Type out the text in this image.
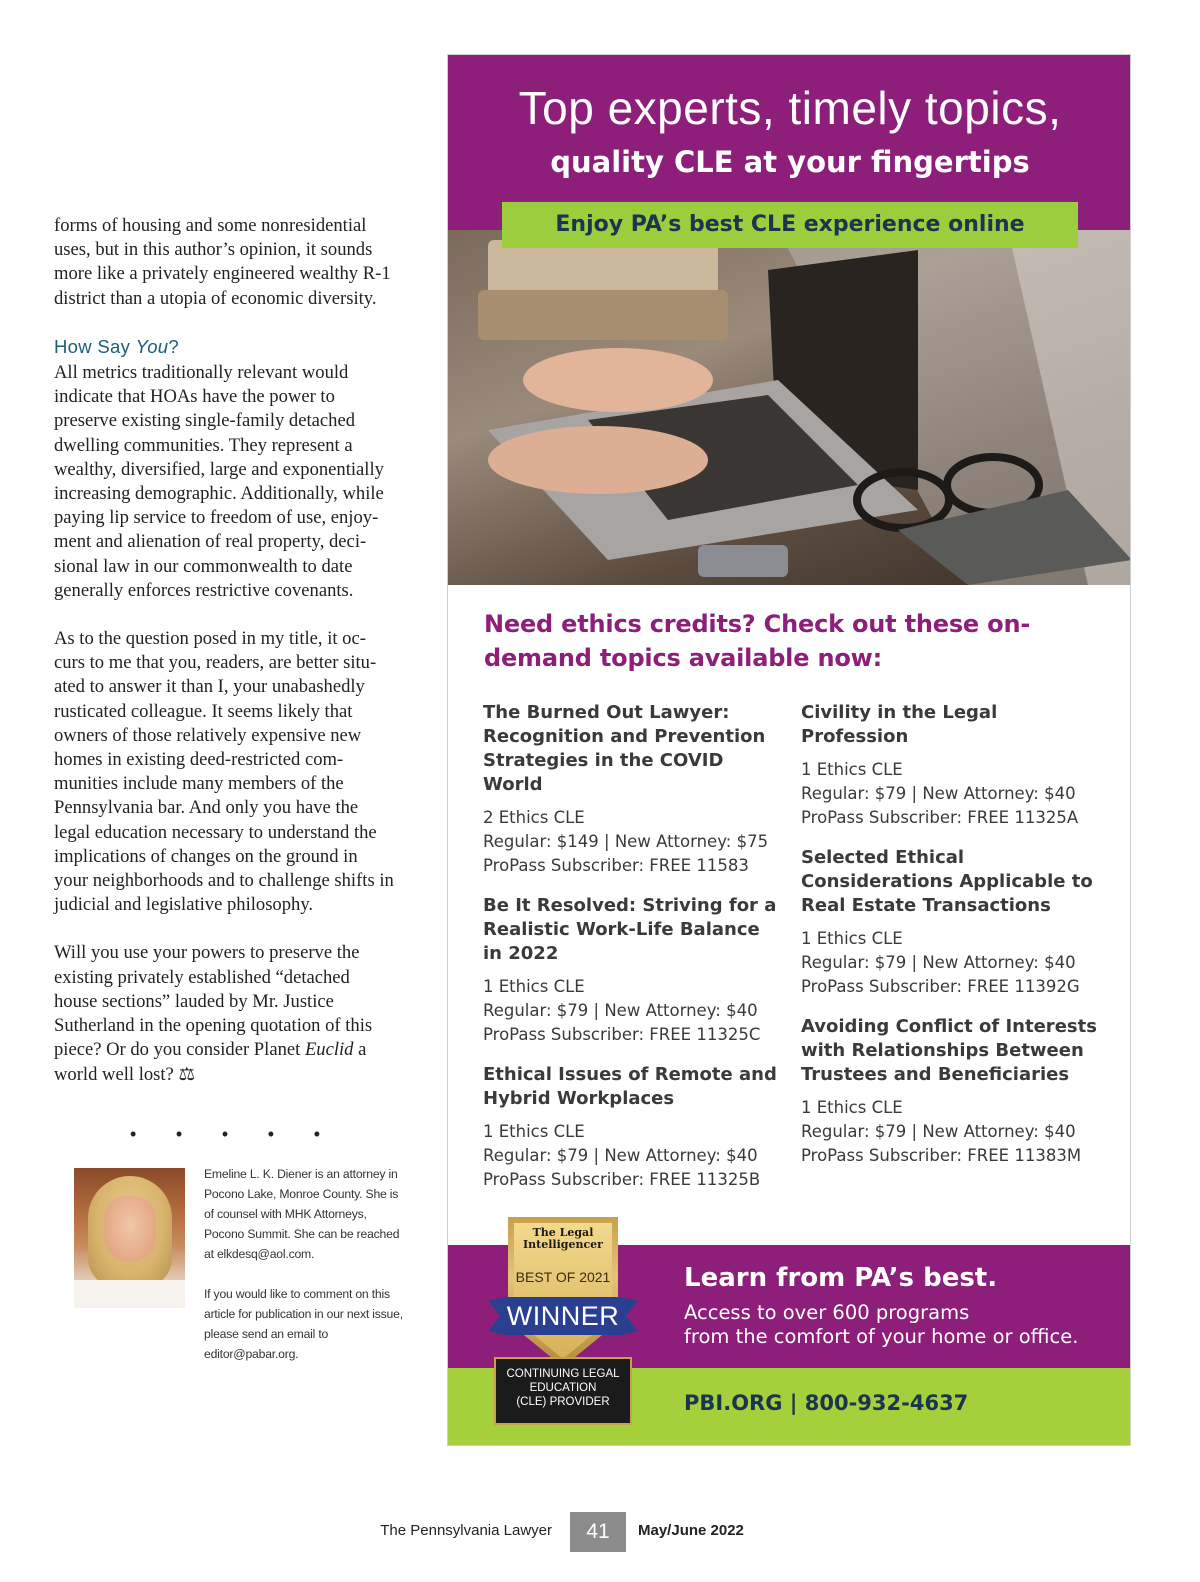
forms of housing and some nonresidential uses, but in this author’s opinion, it sounds more like a privately engineered wealthy R-1 district than a utopia of economic diversity.

How Say You?

All metrics traditionally relevant would indicate that HOAs have the power to preserve existing single-family detached dwelling communities. They represent a wealthy, diversified, large and exponentially increasing demographic. Additionally, while paying lip service to freedom of use, enjoy-ment and alienation of real property, deci-sional law in our commonwealth to date generally enforces restrictive covenants.

As to the question posed in my title, it oc-curs to me that you, readers, are better situ-ated to answer it than I, your unabashedly rusticated colleague. It seems likely that owners of those relatively expensive new homes in existing deed-restricted com-munities include many members of the Pennsylvania bar. And only you have the legal education necessary to understand the implications of changes on the ground in your neighborhoods and to challenge shifts in judicial and legislative philosophy.

Will you use your powers to preserve the existing privately established “detached house sections” lauded by Mr. Justice Sutherland in the opening quotation of this piece? Or do you consider Planet Euclid a world well lost? ⚖

• • • • •

Emeline L. K. Diener is an attorney in Pocono Lake, Monroe County. She is of counsel with MHK Attorneys, Pocono Summit. She can be reached at elkdesq@aol.com.

If you would like to comment on this article for publication in our next issue, please send an email to editor@pabar.org.

Top experts, timely topics,
quality CLE at your fingertips
Enjoy PA’s best CLE experience online
Need ethics credits? Check out these on-demand topics available now:
The Burned Out Lawyer: Recognition and Prevention Strategies in the COVID World
2 Ethics CLE
Regular: $149 | New Attorney: $75
ProPass Subscriber: FREE 11583
Be It Resolved: Striving for a Realistic Work-Life Balance in 2022
1 Ethics CLE
Regular: $79 | New Attorney: $40
ProPass Subscriber: FREE 11325C
Ethical Issues of Remote and Hybrid Workplaces
1 Ethics CLE
Regular: $79 | New Attorney: $40
ProPass Subscriber: FREE 11325B
Civility in the Legal Profession
1 Ethics CLE
Regular: $79 | New Attorney: $40
ProPass Subscriber: FREE 11325A
Selected Ethical Considerations Applicable to Real Estate Transactions
1 Ethics CLE
Regular: $79 | New Attorney: $40
ProPass Subscriber: FREE 11392G
Avoiding Conflict of Interests with Relationships Between Trustees and Beneficiaries
1 Ethics CLE
Regular: $79 | New Attorney: $40
ProPass Subscriber: FREE 11383M
The Legal
Intelligencer
BEST OF 2021
WINNER
CONTINUING LEGAL
EDUCATION
(CLE) PROVIDER
Learn from PA’s best.
Access to over 600 programs
from the comfort of your home or office.
PBI.ORG | 800-932-4637
The Pennsylvania Lawyer	41	May/June 2022
